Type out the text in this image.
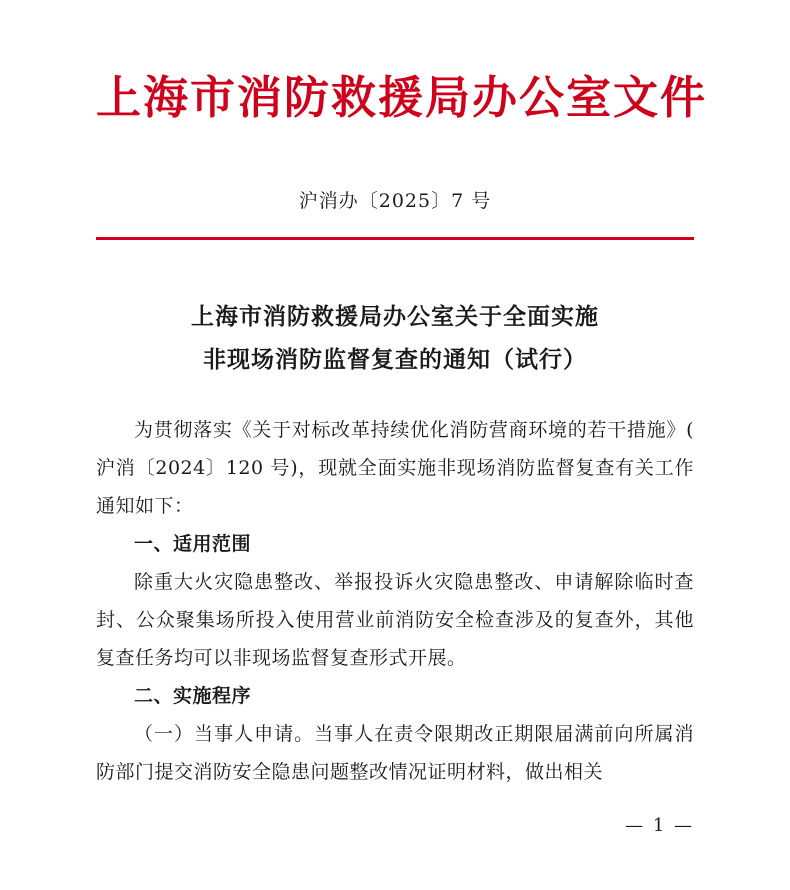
上海市消防救援局办公室文件
沪消办〔2025〕7 号
上海市消防救援局办公室关于全面实施
非现场消防监督复查的通知（试行）

为贯彻落实《关于对标改革持续优化消防营商环境的若干措施》( 沪消〔2024〕120 号)，现就全面实施非现场消防监督复查有关工作通知如下：

一、适用范围

除重大火灾隐患整改、举报投诉火灾隐患整改、申请解除临时查封、公众聚集场所投入使用营业前消防安全检查涉及的复查外，其他复查任务均可以非现场监督复查形式开展。

二、实施程序

（一）当事人申请。当事人在责令限期改正期限届满前向所属消防部门提交消防安全隐患问题整改情况证明材料，做出相关

— 1 —
